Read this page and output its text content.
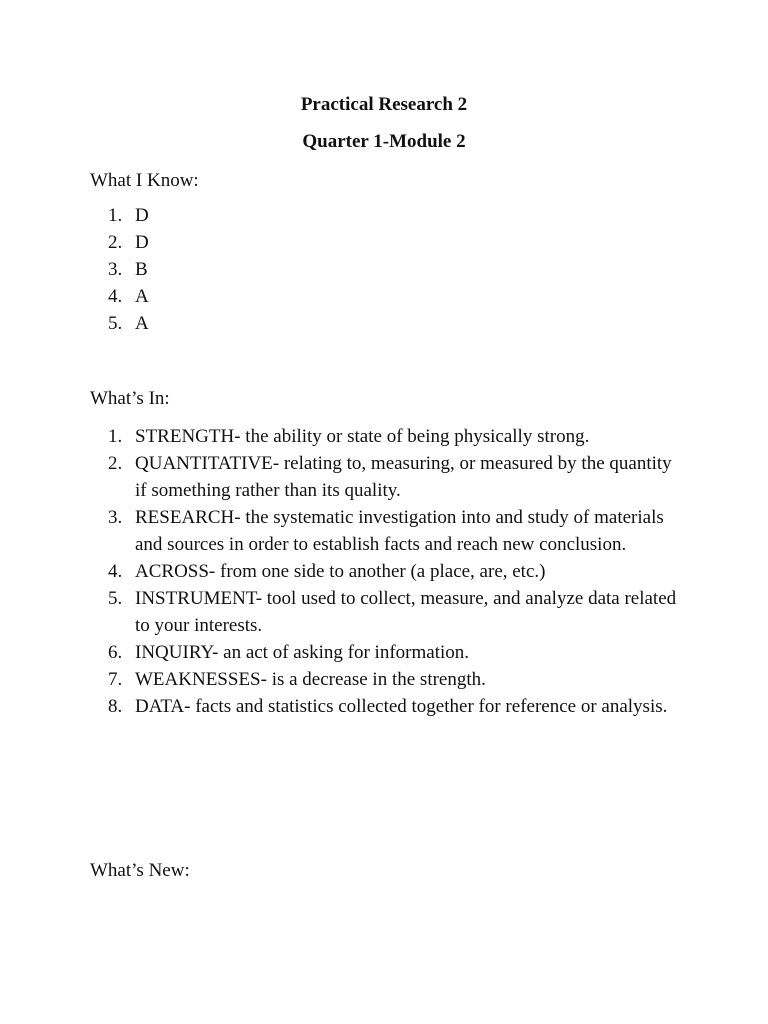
Practical Research 2
Quarter 1-Module 2
What I Know:
1. D
2. D
3. B
4. A
5. A
What’s In:
1. STRENGTH- the ability or state of being physically strong.
2. QUANTITATIVE- relating to, measuring, or measured by the quantity if something rather than its quality.
3. RESEARCH- the systematic investigation into and study of materials and sources in order to establish facts and reach new conclusion.
4. ACROSS- from one side to another (a place, are, etc.)
5. INSTRUMENT- tool used to collect, measure, and analyze data related to your interests.
6. INQUIRY- an act of asking for information.
7. WEAKNESSES- is a decrease in the strength.
8. DATA- facts and statistics collected together for reference or analysis.
What’s New:
